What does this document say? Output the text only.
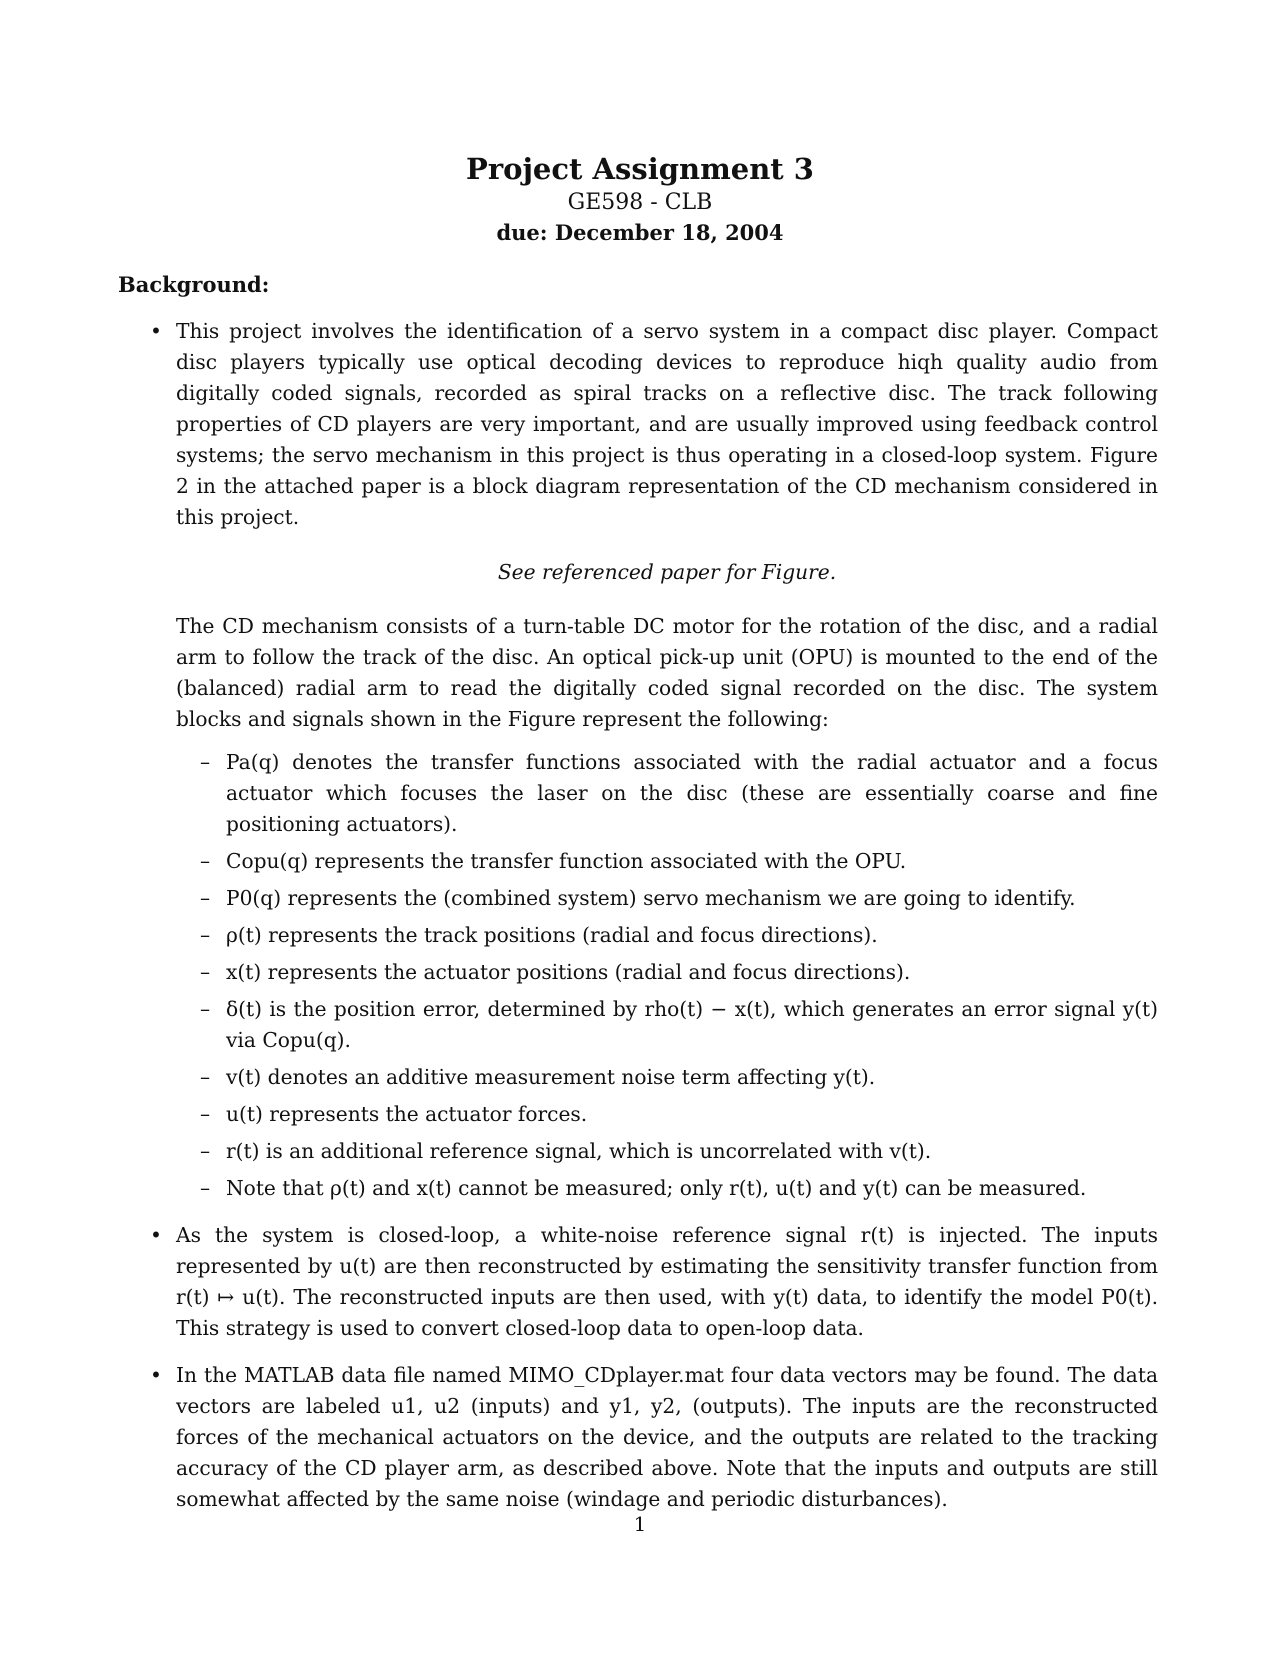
Project Assignment 3
GE598 - CLB
due: December 18, 2004
Background:
• This project involves the identification of a servo system in a compact disc player. Compact disc players typically use optical decoding devices to reproduce hiqh quality audio from digitally coded signals, recorded as spiral tracks on a reflective disc. The track following properties of CD players are very important, and are usually improved using feedback control systems; the servo mechanism in this project is thus operating in a closed-loop system. Figure 2 in the attached paper is a block diagram representation of the CD mechanism considered in this project.

See referenced paper for Figure.

The CD mechanism consists of a turn-table DC motor for the rotation of the disc, and a radial arm to follow the track of the disc. An optical pick-up unit (OPU) is mounted to the end of the (balanced) radial arm to read the digitally coded signal recorded on the disc. The system blocks and signals shown in the Figure represent the following:

– Pa(q) denotes the transfer functions associated with the radial actuator and a focus actuator which focuses the laser on the disc (these are essentially coarse and fine positioning actuators).
– Copu(q) represents the transfer function associated with the OPU.
– P0(q) represents the (combined system) servo mechanism we are going to identify.
– ρ(t) represents the track positions (radial and focus directions).
– x(t) represents the actuator positions (radial and focus directions).
– δ(t) is the position error, determined by rho(t) − x(t), which generates an error signal y(t) via Copu(q).
– v(t) denotes an additive measurement noise term affecting y(t).
– u(t) represents the actuator forces.
– r(t) is an additional reference signal, which is uncorrelated with v(t).
– Note that ρ(t) and x(t) cannot be measured; only r(t), u(t) and y(t) can be measured.
• As the system is closed-loop, a white-noise reference signal r(t) is injected. The inputs represented by u(t) are then reconstructed by estimating the sensitivity transfer function from r(t) ↦ u(t). The reconstructed inputs are then used, with y(t) data, to identify the model P0(t). This strategy is used to convert closed-loop data to open-loop data.

• In the MATLAB data file named MIMO_CDplayer.mat four data vectors may be found. The data vectors are labeled u1, u2 (inputs) and y1, y2, (outputs). The inputs are the reconstructed forces of the mechanical actuators on the device, and the outputs are related to the tracking accuracy of the CD player arm, as described above. Note that the inputs and outputs are still somewhat affected by the same noise (windage and periodic disturbances).

1
